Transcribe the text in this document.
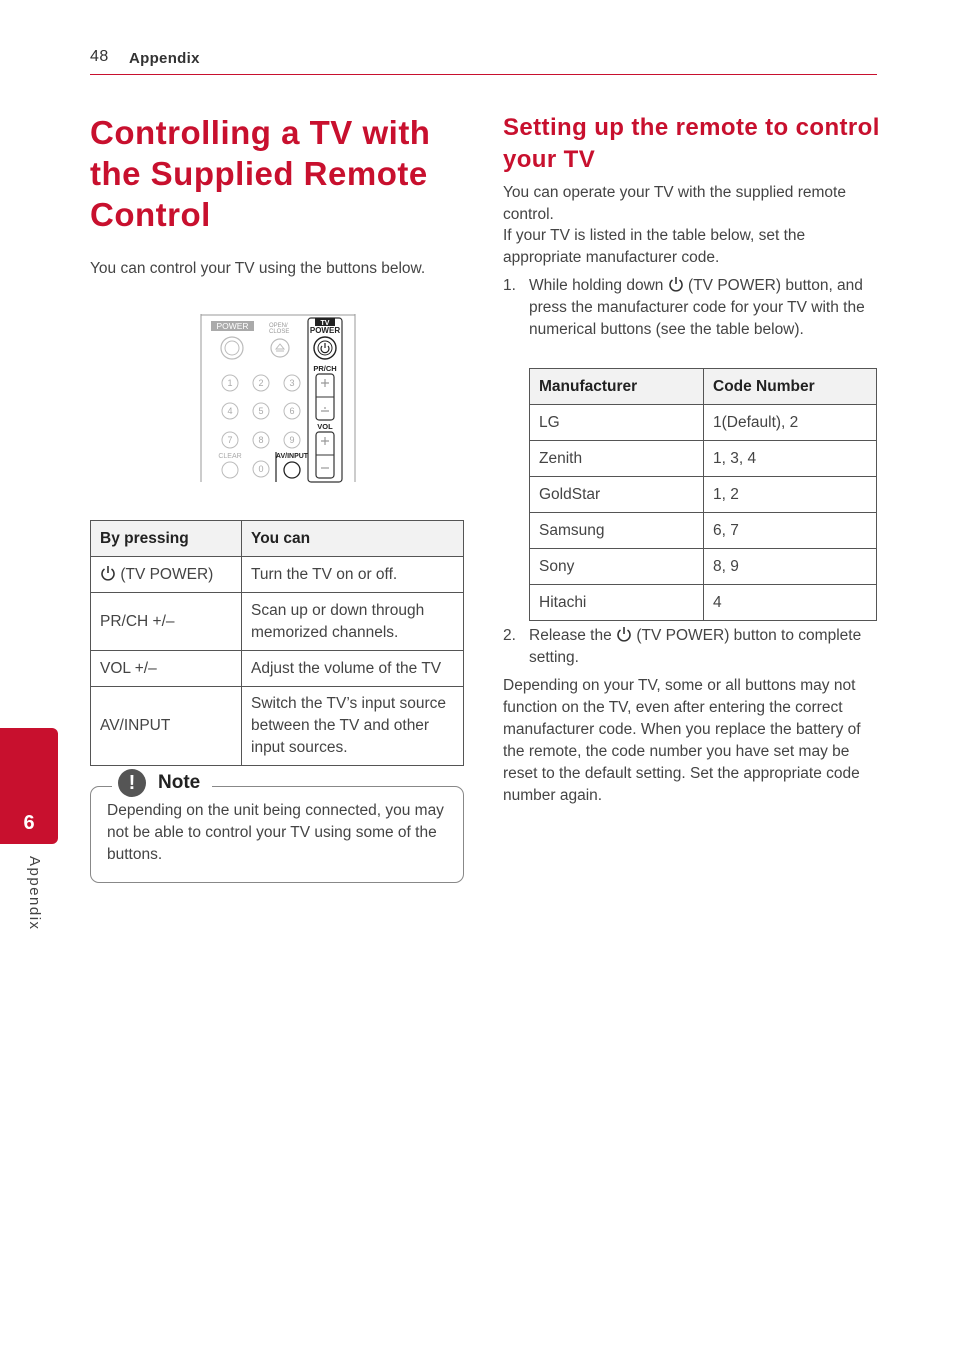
48 Appendix
Controlling a TV with the Supplied Remote Control
You can control your TV using the buttons below.
POWER	OPEN/ CLOSE
TV
POWER
PR/CH
VOL
1	2	3
4	5	6
7	8	9
0
CLEAR	AV/INPUT
By pressing	You can
(TV POWER)	Turn the TV on or off.
PR/CH +/–	Scan up or down through memorized channels.
VOL +/–	Adjust the volume of the TV
AV/INPUT	Switch the TV’s input source between the TV and other input sources.
!	Note
Depending on the unit being connected, you may not be able to control your TV using some of the buttons.
Setting up the remote to control your TV
You can operate your TV with the supplied remote control.
If your TV is listed in the table below, set the appropriate manufacturer code.
1. While holding down (TV POWER) button, and press the manufacturer code for your TV with the numerical buttons (see the table below).
Manufacturer	Code Number
LG	1(Default), 2
Zenith	1, 3, 4
GoldStar	1, 2
Samsung	6, 7
Sony	8, 9
Hitachi	4
2. Release the (TV POWER) button to complete setting.
Depending on your TV, some or all buttons may not function on the TV, even after entering the correct manufacturer code. When you replace the battery of the remote, the code number you have set may be reset to the default setting. Set the appropriate code number again.
6
Appendix
